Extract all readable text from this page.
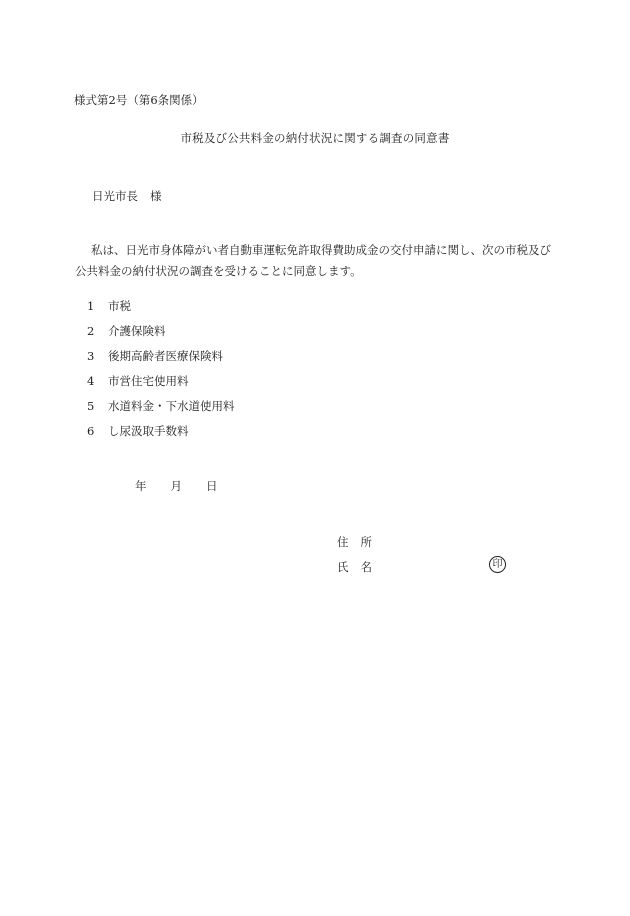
様式第2号（第6条関係）
市税及び公共料金の納付状況に関する調査の同意書
日光市長 様
私は、日光市身体障がい者自動車運転免許取得費助成金の交付申請に関し、次の市税及び公共料金の納付状況の調査を受けることに同意します。
1 市税
2 介護保険料
3 後期高齢者医療保険料
4 市営住宅使用料
5 水道料金・下水道使用料
6 し尿汲取手数料
年 月 日
住 所
氏 名	印
